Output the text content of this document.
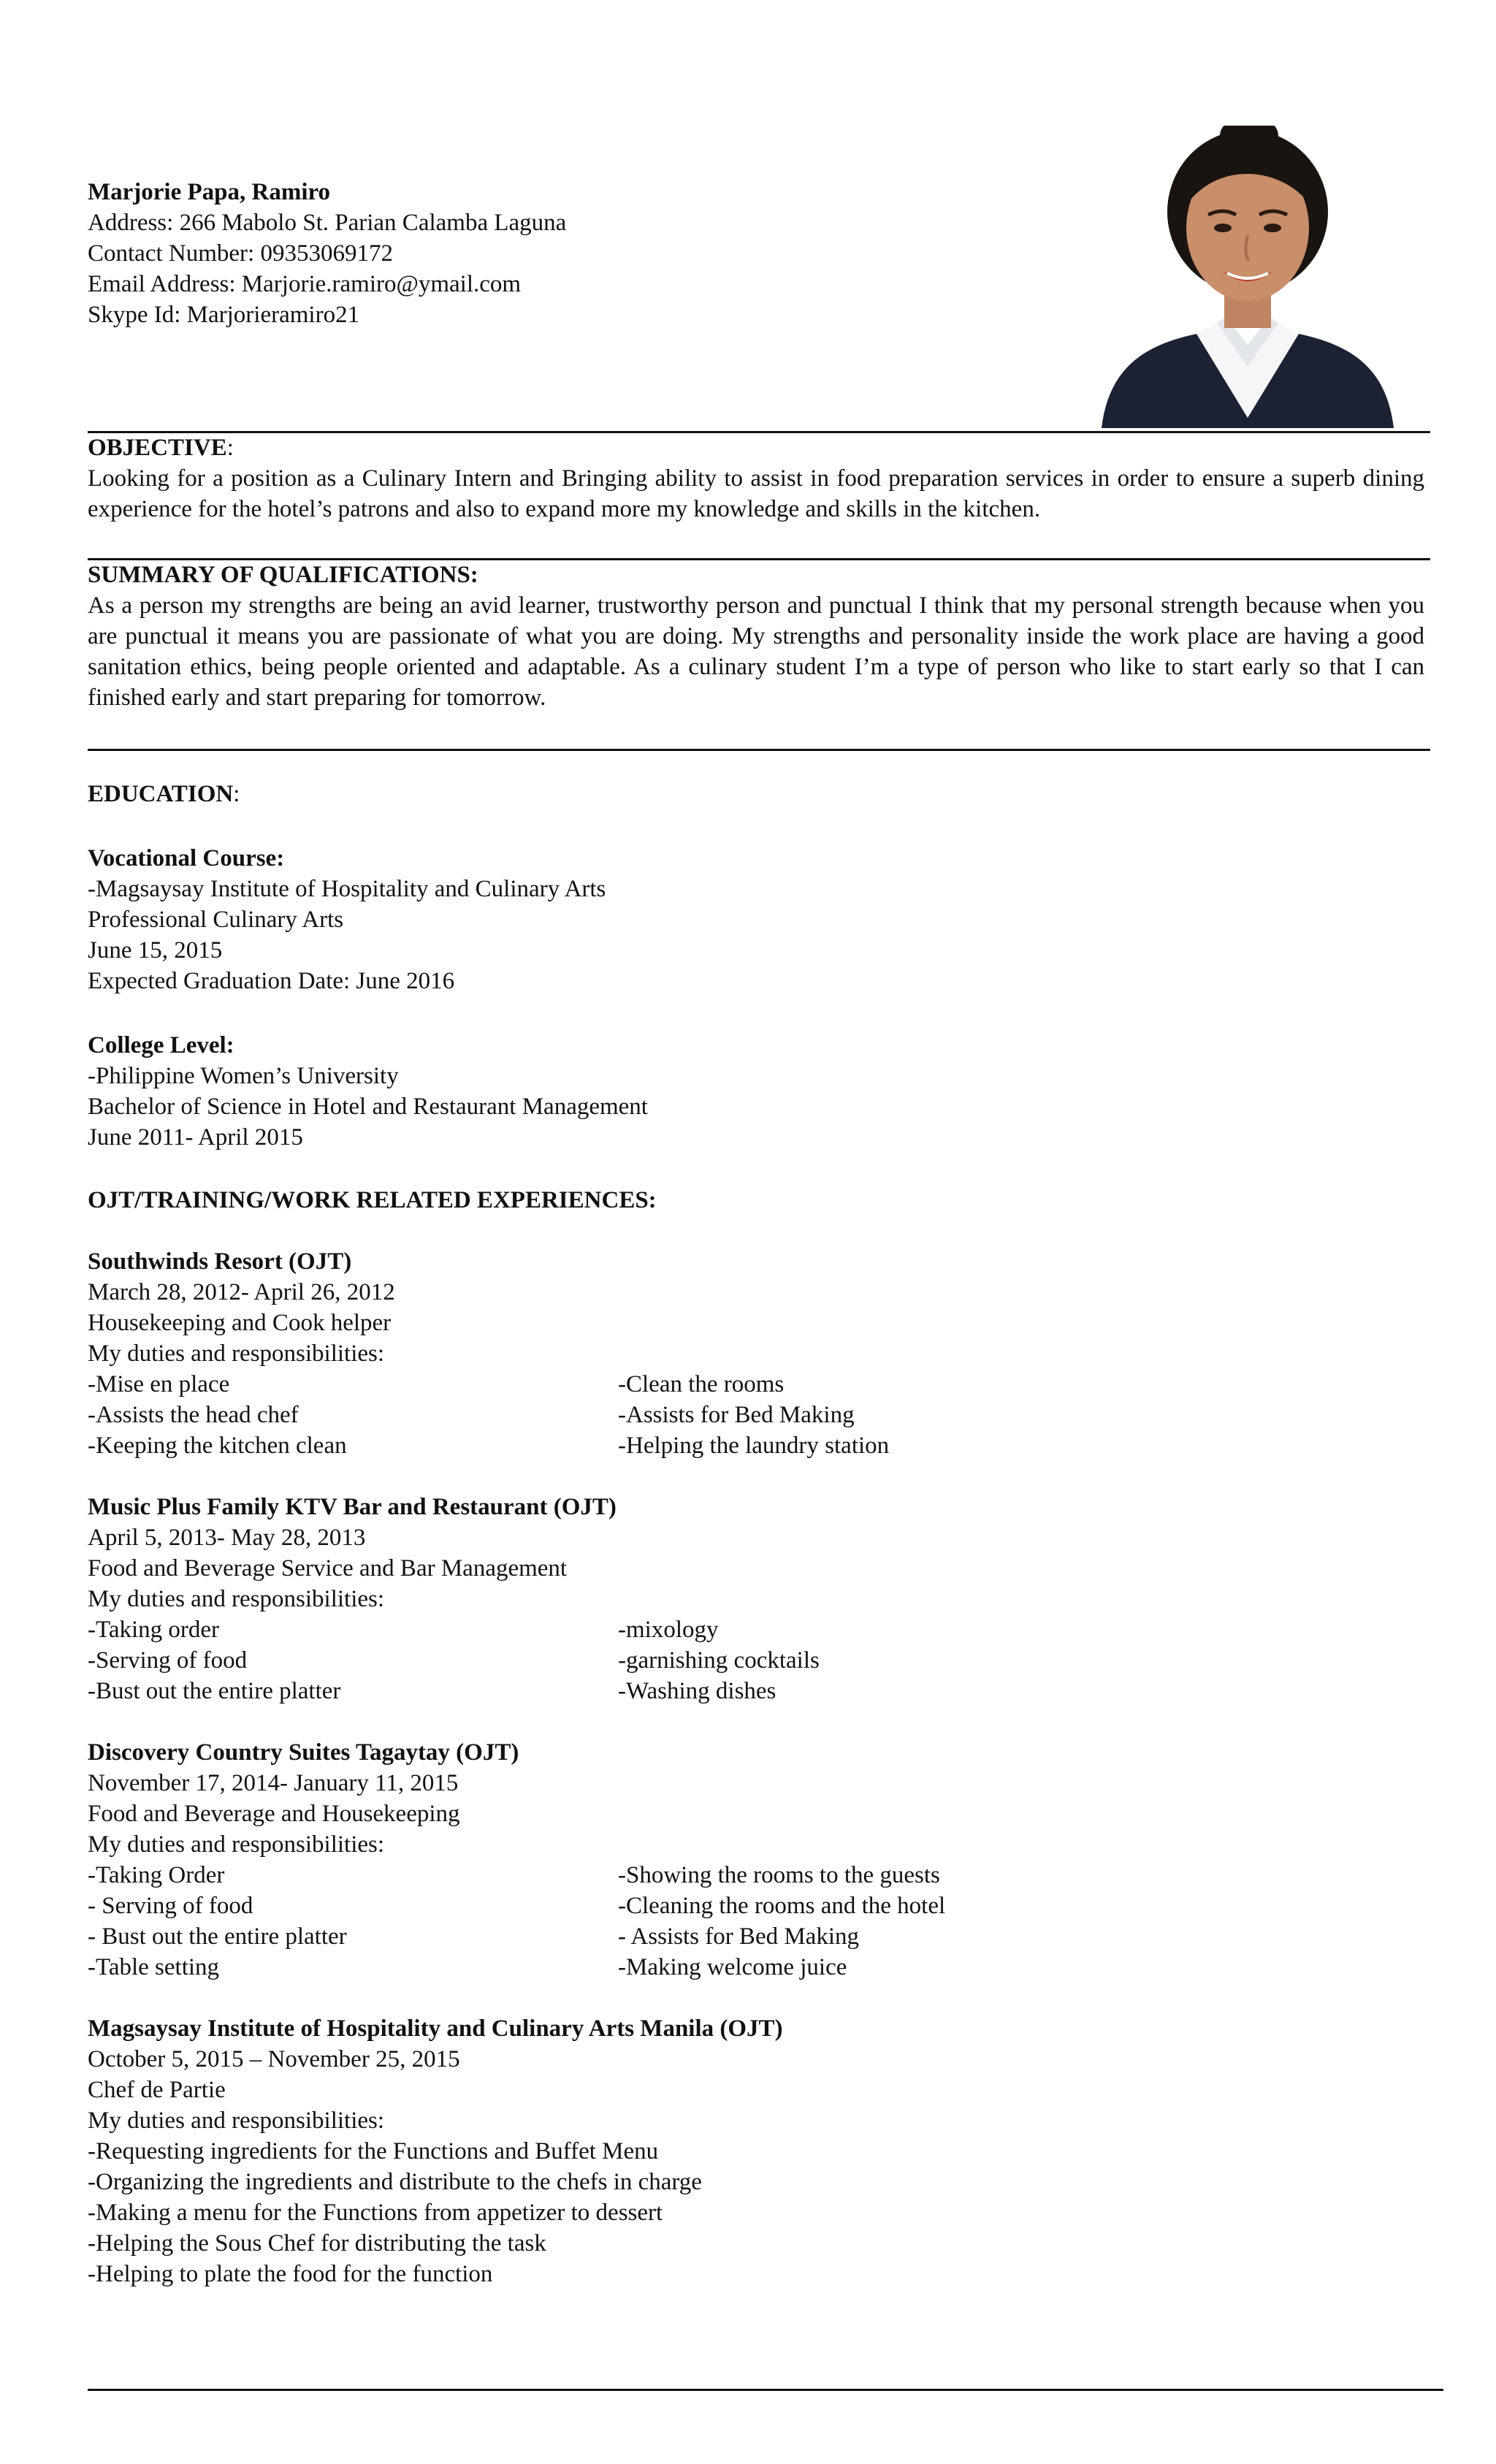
Marjorie Papa, Ramiro
Address: 266 Mabolo St. Parian Calamba Laguna
Contact Number: 09353069172
Email Address: Marjorie.ramiro@ymail.com
Skype Id: Marjorieramiro21
OBJECTIVE:
Looking for a position as a Culinary Intern and Bringing ability to assist in food preparation services in order to ensure a superb dining experience for the hotel’s patrons and also to expand more my knowledge and skills in the kitchen.
SUMMARY OF QUALIFICATIONS:
As a person my strengths are being an avid learner, trustworthy person and punctual I think that my personal strength because when you are punctual it means you are passionate of what you are doing. My strengths and personality inside the work place are having a good sanitation ethics, being people oriented and adaptable. As a culinary student I’m a type of person who like to start early so that I can finished early and start preparing for tomorrow.
EDUCATION:
Vocational Course:
-Magsaysay Institute of Hospitality and Culinary Arts
Professional Culinary Arts
June 15, 2015
Expected Graduation Date: June 2016
College Level:
-Philippine Women’s University
Bachelor of Science in Hotel and Restaurant Management
June 2011- April 2015
OJT/TRAINING/WORK RELATED EXPERIENCES:
Southwinds Resort (OJT)
March 28, 2012- April 26, 2012
Housekeeping and Cook helper
My duties and responsibilities:
-Mise en place	-Clean the rooms
-Assists the head chef	-Assists for Bed Making
-Keeping the kitchen clean	-Helping the laundry station
Music Plus Family KTV Bar and Restaurant (OJT)
April 5, 2013- May 28, 2013
Food and Beverage Service and Bar Management
My duties and responsibilities:
-Taking order	-mixology
-Serving of food	-garnishing cocktails
-Bust out the entire platter	-Washing dishes
Discovery Country Suites Tagaytay (OJT)
November 17, 2014- January 11, 2015
Food and Beverage and Housekeeping
My duties and responsibilities:
-Taking Order	-Showing the rooms to the guests
- Serving of food	-Cleaning the rooms and the hotel
- Bust out the entire platter	- Assists for Bed Making
-Table setting	-Making welcome juice
Magsaysay Institute of Hospitality and Culinary Arts Manila (OJT)
October 5, 2015 – November 25, 2015
Chef de Partie
My duties and responsibilities:
-Requesting ingredients for the Functions and Buffet Menu
-Organizing the ingredients and distribute to the chefs in charge
-Making a menu for the Functions from appetizer to dessert
-Helping the Sous Chef for distributing the task
-Helping to plate the food for the function
